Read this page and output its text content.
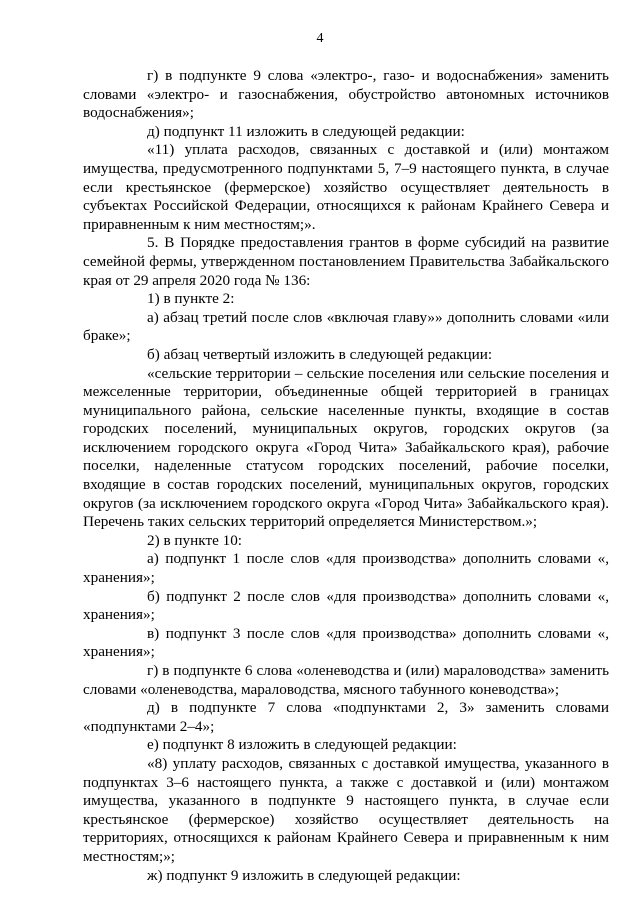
4

г) в подпункте 9 слова «электро-, газо- и водоснабжения» заменить словами «электро- и газоснабжения, обустройство автономных источников водоснабжения»;

д) подпункт 11 изложить в следующей редакции:

«11) уплата расходов, связанных с доставкой и (или) монтажом имущества, предусмотренного подпунктами 5, 7–9 настоящего пункта, в случае если крестьянское (фермерское) хозяйство осуществляет деятельность в субъектах Российской Федерации, относящихся к районам Крайнего Севера и приравненным к ним местностям;».

5. В Порядке предоставления грантов в форме субсидий на развитие семейной фермы, утвержденном постановлением Правительства Забайкальского края от 29 апреля 2020 года № 136:

1) в пункте 2:

а) абзац третий после слов «включая главу»» дополнить словами «или браке»;

б) абзац четвертый изложить в следующей редакции:

«сельские территории – сельские поселения или сельские поселения и межселенные территории, объединенные общей территорией в границах муниципального района, сельские населенные пункты, входящие в состав городских поселений, муниципальных округов, городских округов (за исключением городского округа «Город Чита» Забайкальского края), рабочие поселки, наделенные статусом городских поселений, рабочие поселки, входящие в состав городских поселений, муниципальных округов, городских округов (за исключением городского округа «Город Чита» Забайкальского края). Перечень таких сельских территорий определяется Министерством.»;

2) в пункте 10:

а) подпункт 1 после слов «для производства» дополнить словами «, хранения»;

б) подпункт 2 после слов «для производства» дополнить словами «, хранения»;

в) подпункт 3 после слов «для производства» дополнить словами «, хранения»;

г) в подпункте 6 слова «оленеводства и (или) мараловодства» заменить словами «оленеводства, мараловодства, мясного табунного коневодства»;

д) в подпункте 7 слова «подпунктами 2, 3» заменить словами «подпунктами 2–4»;

е) подпункт 8 изложить в следующей редакции:

«8) уплату расходов, связанных с доставкой имущества, указанного в подпунктах 3–6 настоящего пункта, а также с доставкой и (или) монтажом имущества, указанного в подпункте 9 настоящего пункта, в случае если крестьянское (фермерское) хозяйство осуществляет деятельность на территориях, относящихся к районам Крайнего Севера и приравненным к ним местностям;»;

ж) подпункт 9 изложить в следующей редакции:
